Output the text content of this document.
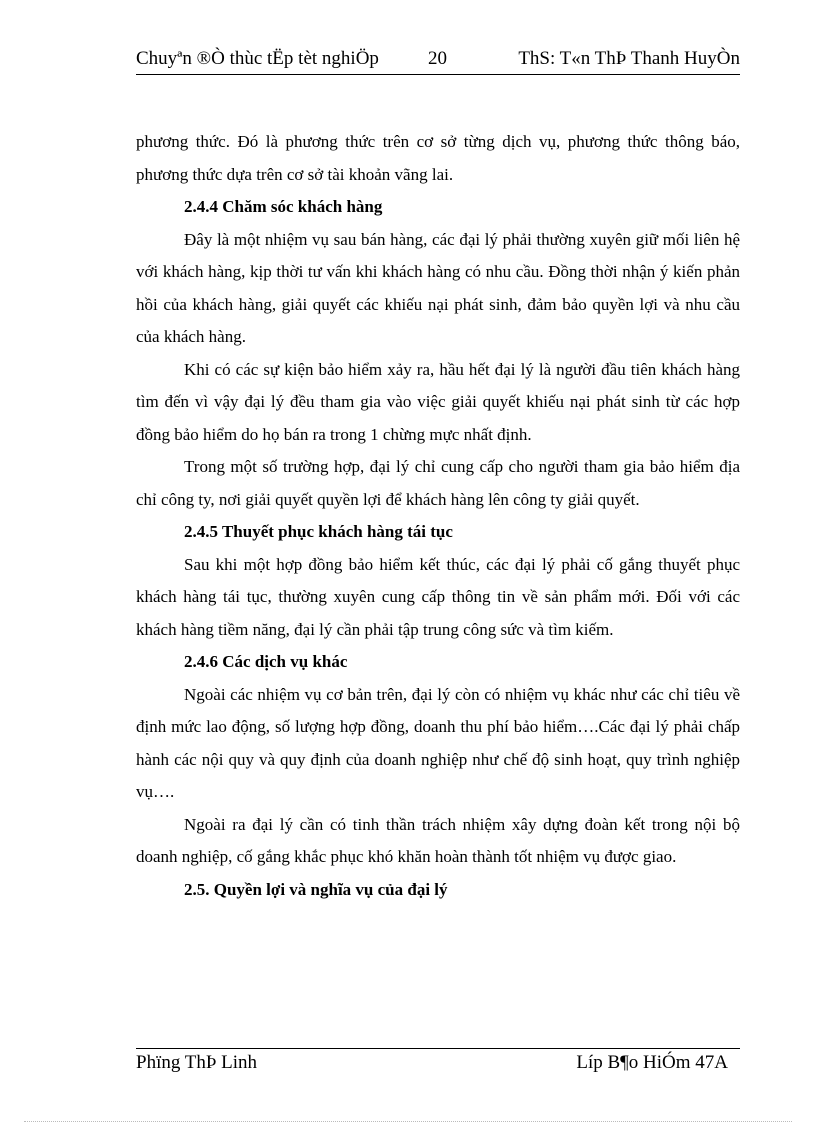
Chuyªn ®Ò thùc tËp tèt nghiÖp	20	ThS: T«n ThÞ Thanh HuyÒn

phương thức. Đó là phương thức trên cơ sở từng dịch vụ, phương thức thông báo, phương thức dựa trên cơ sở tài khoản vãng lai.

2.4.4 Chăm sóc khách hàng

Đây là một nhiệm vụ sau bán hàng, các đại lý phải thường xuyên giữ mối liên hệ với khách hàng, kịp thời tư vấn khi khách hàng có nhu cầu. Đồng thời nhận ý kiến phản hồi của khách hàng, giải quyết các khiếu nại phát sinh, đảm bảo quyền lợi và nhu cầu của khách hàng.

Khi có các sự kiện bảo hiểm xảy ra, hầu hết đại lý là người đầu tiên khách hàng tìm đến vì vậy đại lý đều tham gia vào việc giải quyết khiếu nại phát sinh từ các hợp đồng bảo hiểm do họ bán ra trong 1 chừng mực nhất định.

Trong một số trường hợp, đại lý chỉ cung cấp cho người tham gia bảo hiểm địa chỉ công ty, nơi giải quyết quyền lợi để khách hàng lên công ty giải quyết.

2.4.5 Thuyết phục khách hàng tái tục

Sau khi một hợp đồng bảo hiểm kết thúc, các đại lý phải cố gắng thuyết phục khách hàng tái tục, thường xuyên cung cấp thông tin về sản phẩm mới. Đối với các khách hàng tiềm năng, đại lý cần phải tập trung công sức và tìm kiếm.

2.4.6 Các dịch vụ khác

Ngoài các nhiệm vụ cơ bản trên, đại lý còn có nhiệm vụ khác như các chỉ tiêu về định mức lao động, số lượng hợp đồng, doanh thu phí bảo hiểm….Các đại lý phải chấp hành các nội quy và quy định của doanh nghiệp như chế độ sinh hoạt, quy trình nghiệp vụ….

Ngoài ra đại lý cần có tinh thần trách nhiệm xây dựng đoàn kết trong nội bộ doanh nghiệp, cố gắng khắc phục khó khăn hoàn thành tốt nhiệm vụ được giao.

2.5. Quyền lợi và nghĩa vụ của đại lý

Phïng ThÞ Linh	Líp B¶o HiÓm 47A
